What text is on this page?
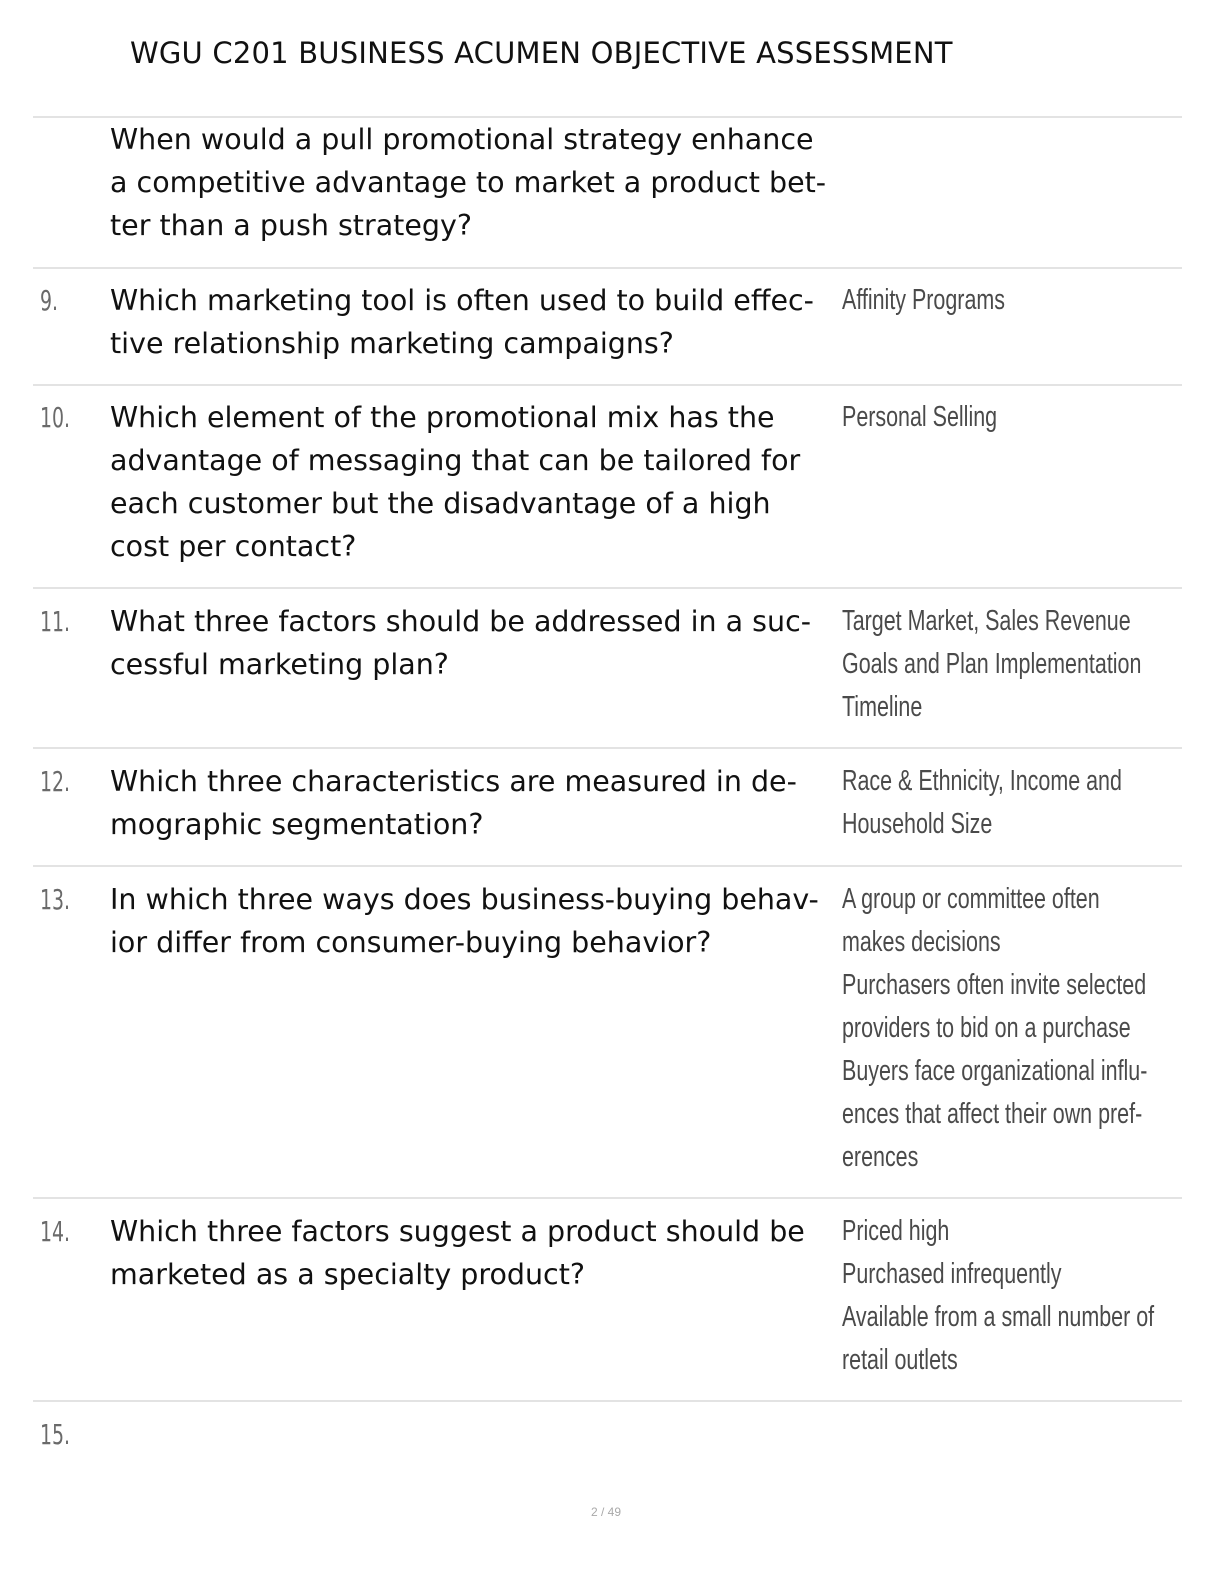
WGU C201 BUSINESS ACUMEN OBJECTIVE ASSESSMENT
When would a pull promotional strategy enhance
a competitive advantage to market a product bet-
ter than a push strategy?
9. Which marketing tool is often used to build effec-
tive relationship marketing campaigns?
Affinity Programs
10. Which element of the promotional mix has the
advantage of messaging that can be tailored for
each customer but the disadvantage of a high
cost per contact?
Personal Selling
11. What three factors should be addressed in a suc-
cessful marketing plan?
Target Market, Sales Revenue
Goals and Plan Implementation
Timeline
12. Which three characteristics are measured in de-
mographic segmentation?
Race & Ethnicity, Income and
Household Size
13. In which three ways does business-buying behav-
ior differ from consumer-buying behavior?
A group or committee often
makes decisions
Purchasers often invite selected
providers to bid on a purchase
Buyers face organizational influ-
ences that affect their own pref-
erences
14. Which three factors suggest a product should be
marketed as a specialty product?
Priced high
Purchased infrequently
Available from a small number of
retail outlets
15.
2 / 49
